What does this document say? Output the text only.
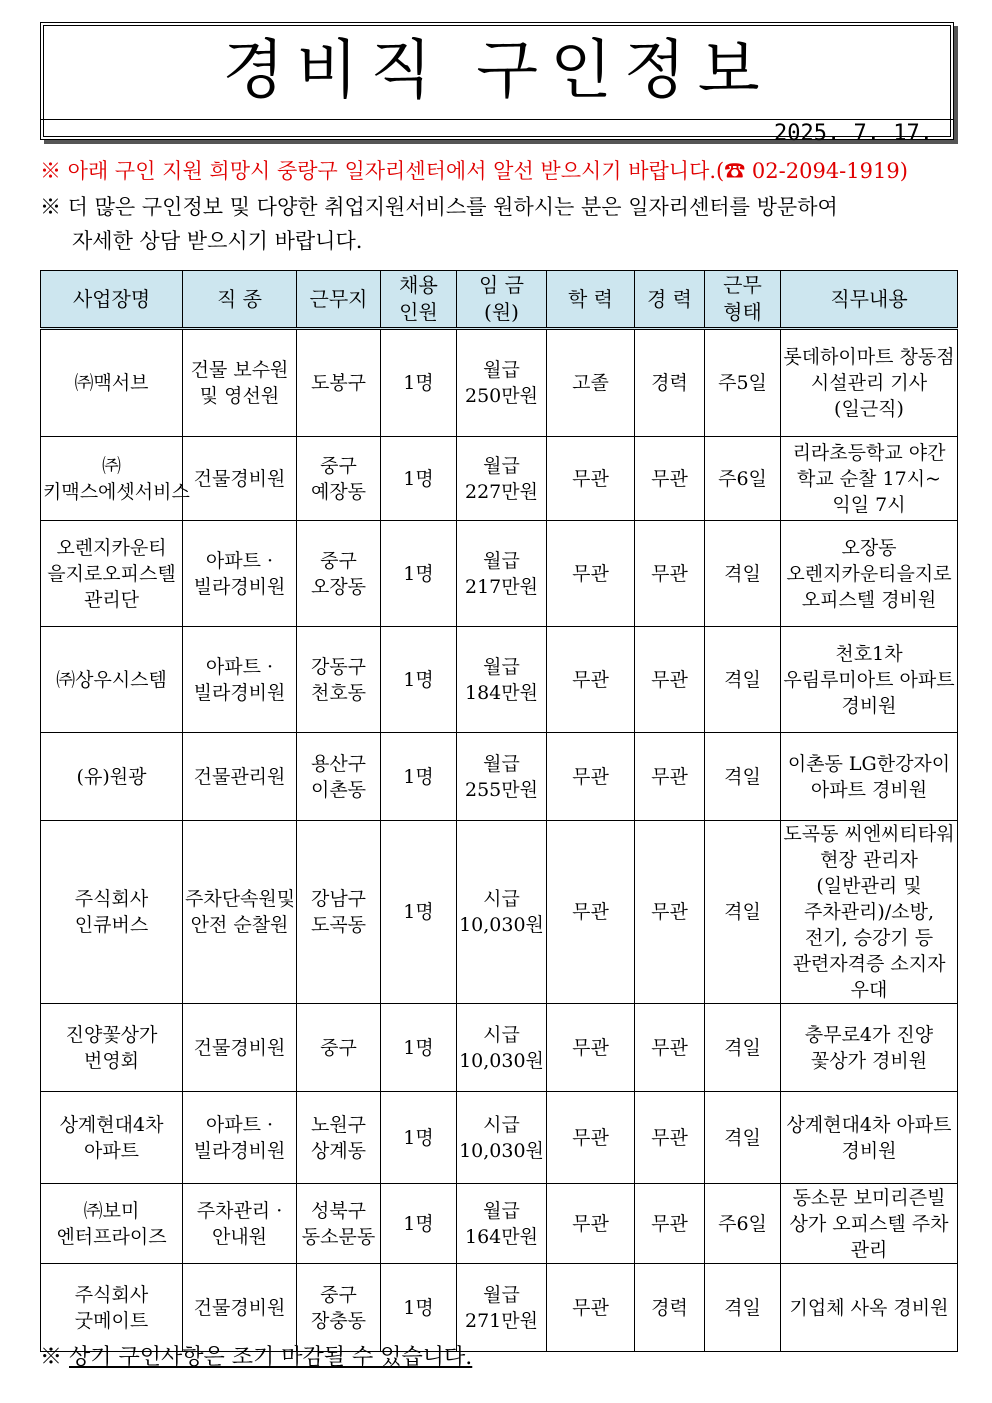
경비직 구인정보
2025. 7. 17.
※ 아래 구인 지원 희망시 중랑구 일자리센터에서 알선 받으시기 바랍니다.(☎ 02-2094-1919)
※ 더 많은 구인정보 및 다양한 취업지원서비스를 원하시는 분은 일자리센터를 방문하여
자세한 상담 받으시기 바랍니다.
사업장명	직 종	근무지	채용 인원	임 금 (원)	학 력	경 력	근무 형태	직무내용
㈜맥서브	건물 보수원 및 영선원	도봉구	1명	월급 250만원	고졸	경력	주5일	롯데하이마트 창동점 시설관리 기사(일근직)
㈜ 키맥스에셋서비스	건물경비원	중구 예장동	1명	월급 227만원	무관	무관	주6일	리라초등학교 야간 학교 순찰 17시~익일 7시
오렌지카운티 을지로오피스텔 관리단	아파트 · 빌라경비원	중구 오장동	1명	월급 217만원	무관	무관	격일	오장동 오렌지카운티을지로 오피스텔 경비원
㈜상우시스템	아파트 · 빌라경비원	강동구 천호동	1명	월급 184만원	무관	무관	격일	천호1차 우림루미아트 아파트 경비원
(유)원광	건물관리원	용산구 이촌동	1명	월급 255만원	무관	무관	격일	이촌동 LG한강자이 아파트 경비원
주식회사 인큐버스	주차단속원및 안전 순찰원	강남구 도곡동	1명	시급 10,030원	무관	무관	격일	도곡동 씨엔씨티타워 현장 관리자(일반관리 및 주차관리)/소방, 전기, 승강기 등 관련자격증 소지자 우대
진양꽃상가 번영회	건물경비원	중구	1명	시급 10,030원	무관	무관	격일	충무로4가 진양 꽃상가 경비원
상계현대4차 아파트	아파트 · 빌라경비원	노원구 상계동	1명	시급 10,030원	무관	무관	격일	상계현대4차 아파트 경비원
㈜보미 엔터프라이즈	주차관리 · 안내원	성북구 동소문동	1명	월급 164만원	무관	무관	주6일	동소문 보미리즌빌 상가 오피스텔 주차 관리
주식회사 굿메이트	건물경비원	중구 장충동	1명	월급 271만원	무관	경력	격일	기업체 사옥 경비원
※ 상기 구인사항은 조기 마감될 수 있습니다.
